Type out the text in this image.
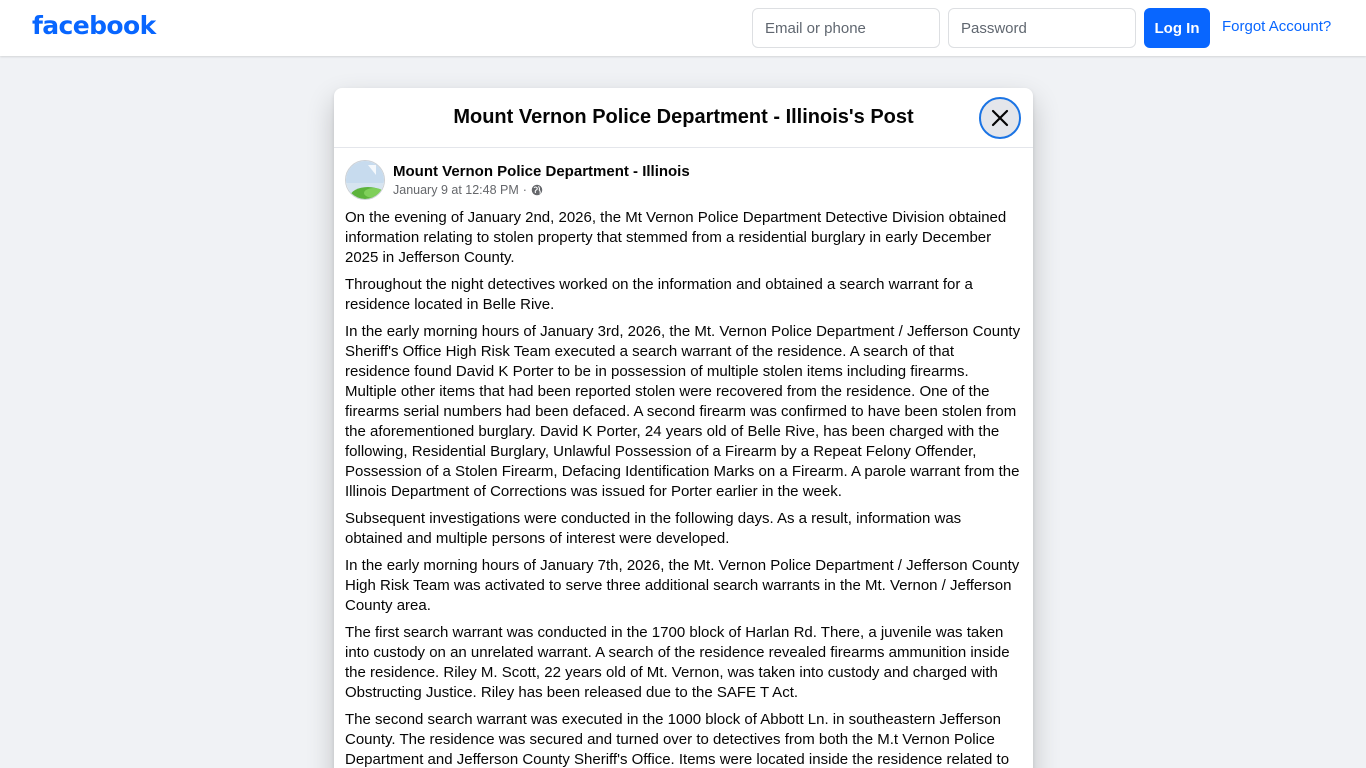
facebook
Email or phone	Log In	Forgot Account?
Mount Vernon Police Department - Illinois's Post
Mount Vernon Police Department - Illinois
January 9 at 12:48 PM ·

On the evening of January 2nd, 2026, the Mt Vernon Police Department Detective Division obtained information relating to stolen property that stemmed from a residential burglary in early December 2025 in Jefferson County.

Throughout the night detectives worked on the information and obtained a search warrant for a residence located in Belle Rive.

In the early morning hours of January 3rd, 2026, the Mt. Vernon Police Department / Jefferson County Sheriff's Office High Risk Team executed a search warrant of the residence. A search of that residence found David K Porter to be in possession of multiple stolen items including firearms. Multiple other items that had been reported stolen were recovered from the residence. One of the firearms serial numbers had been defaced. A second firearm was confirmed to have been stolen from the aforementioned burglary. David K Porter, 24 years old of Belle Rive, has been charged with the following, Residential Burglary, Unlawful Possession of a Firearm by a Repeat Felony Offender, Possession of a Stolen Firearm, Defacing Identification Marks on a Firearm. A parole warrant from the Illinois Department of Corrections was issued for Porter earlier in the week.

Subsequent investigations were conducted in the following days. As a result, information was obtained and multiple persons of interest were developed.

In the early morning hours of January 7th, 2026, the Mt. Vernon Police Department / Jefferson County High Risk Team was activated to serve three additional search warrants in the Mt. Vernon / Jefferson County area.

The first search warrant was conducted in the 1700 block of Harlan Rd. There, a juvenile was taken into custody on an unrelated warrant. A search of the residence revealed firearms ammunition inside the residence. Riley M. Scott, 22 years old of Mt. Vernon, was taken into custody and charged with Obstructing Justice. Riley has been released due to the SAFE T Act.

The second search warrant was executed in the 1000 block of Abbott Ln. in southeastern Jefferson County. The residence was secured and turned over to detectives from both the M.t Vernon Police Department and Jefferson County Sheriff's Office. Items were located inside the residence related to
